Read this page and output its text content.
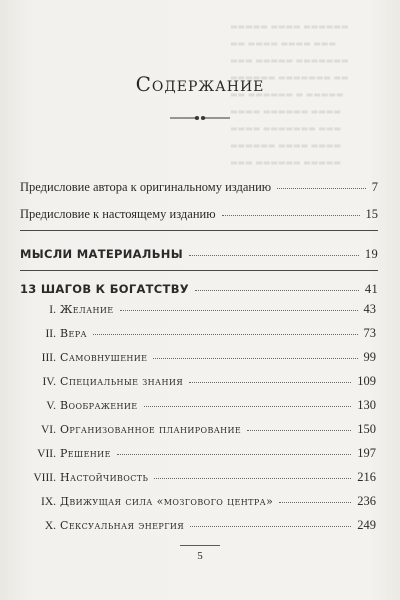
▬▬▬▬▬ ▬▬▬▬ ▬▬▬▬▬▬
▬▬ ▬▬▬▬ ▬▬▬▬ ▬▬▬
▬▬▬ ▬▬▬▬▬ ▬▬▬▬▬▬▬
▬▬▬▬▬▬ ▬▬▬▬▬▬▬ ▬▬
▬▬ ▬▬▬▬▬▬ ▬ ▬▬▬▬▬
▬▬▬▬ ▬▬▬▬▬▬ ▬▬▬▬
▬▬▬▬ ▬▬▬▬▬▬▬ ▬▬▬
▬▬▬▬▬▬ ▬▬▬▬ ▬▬▬▬
▬▬▬ ▬▬▬▬▬▬ ▬▬▬▬▬
Содержание
Предисловие автора к оригинальному изданию	7
Предисловие к настоящему изданию	15
МЫСЛИ МАТЕРИАЛЬНЫ	19
13 ШАГОВ К БОГАТСТВУ	41
I. Желание	43
II. Вера	73
III. Самовнушение	99
IV. Специальные знания	109
V. Воображение	130
VI. Организованное планирование	150
VII. Решение	197
VIII. Настойчивость	216
IX. Движущая сила «мозгового центра»	236
X. Сексуальная энергия	249
5
